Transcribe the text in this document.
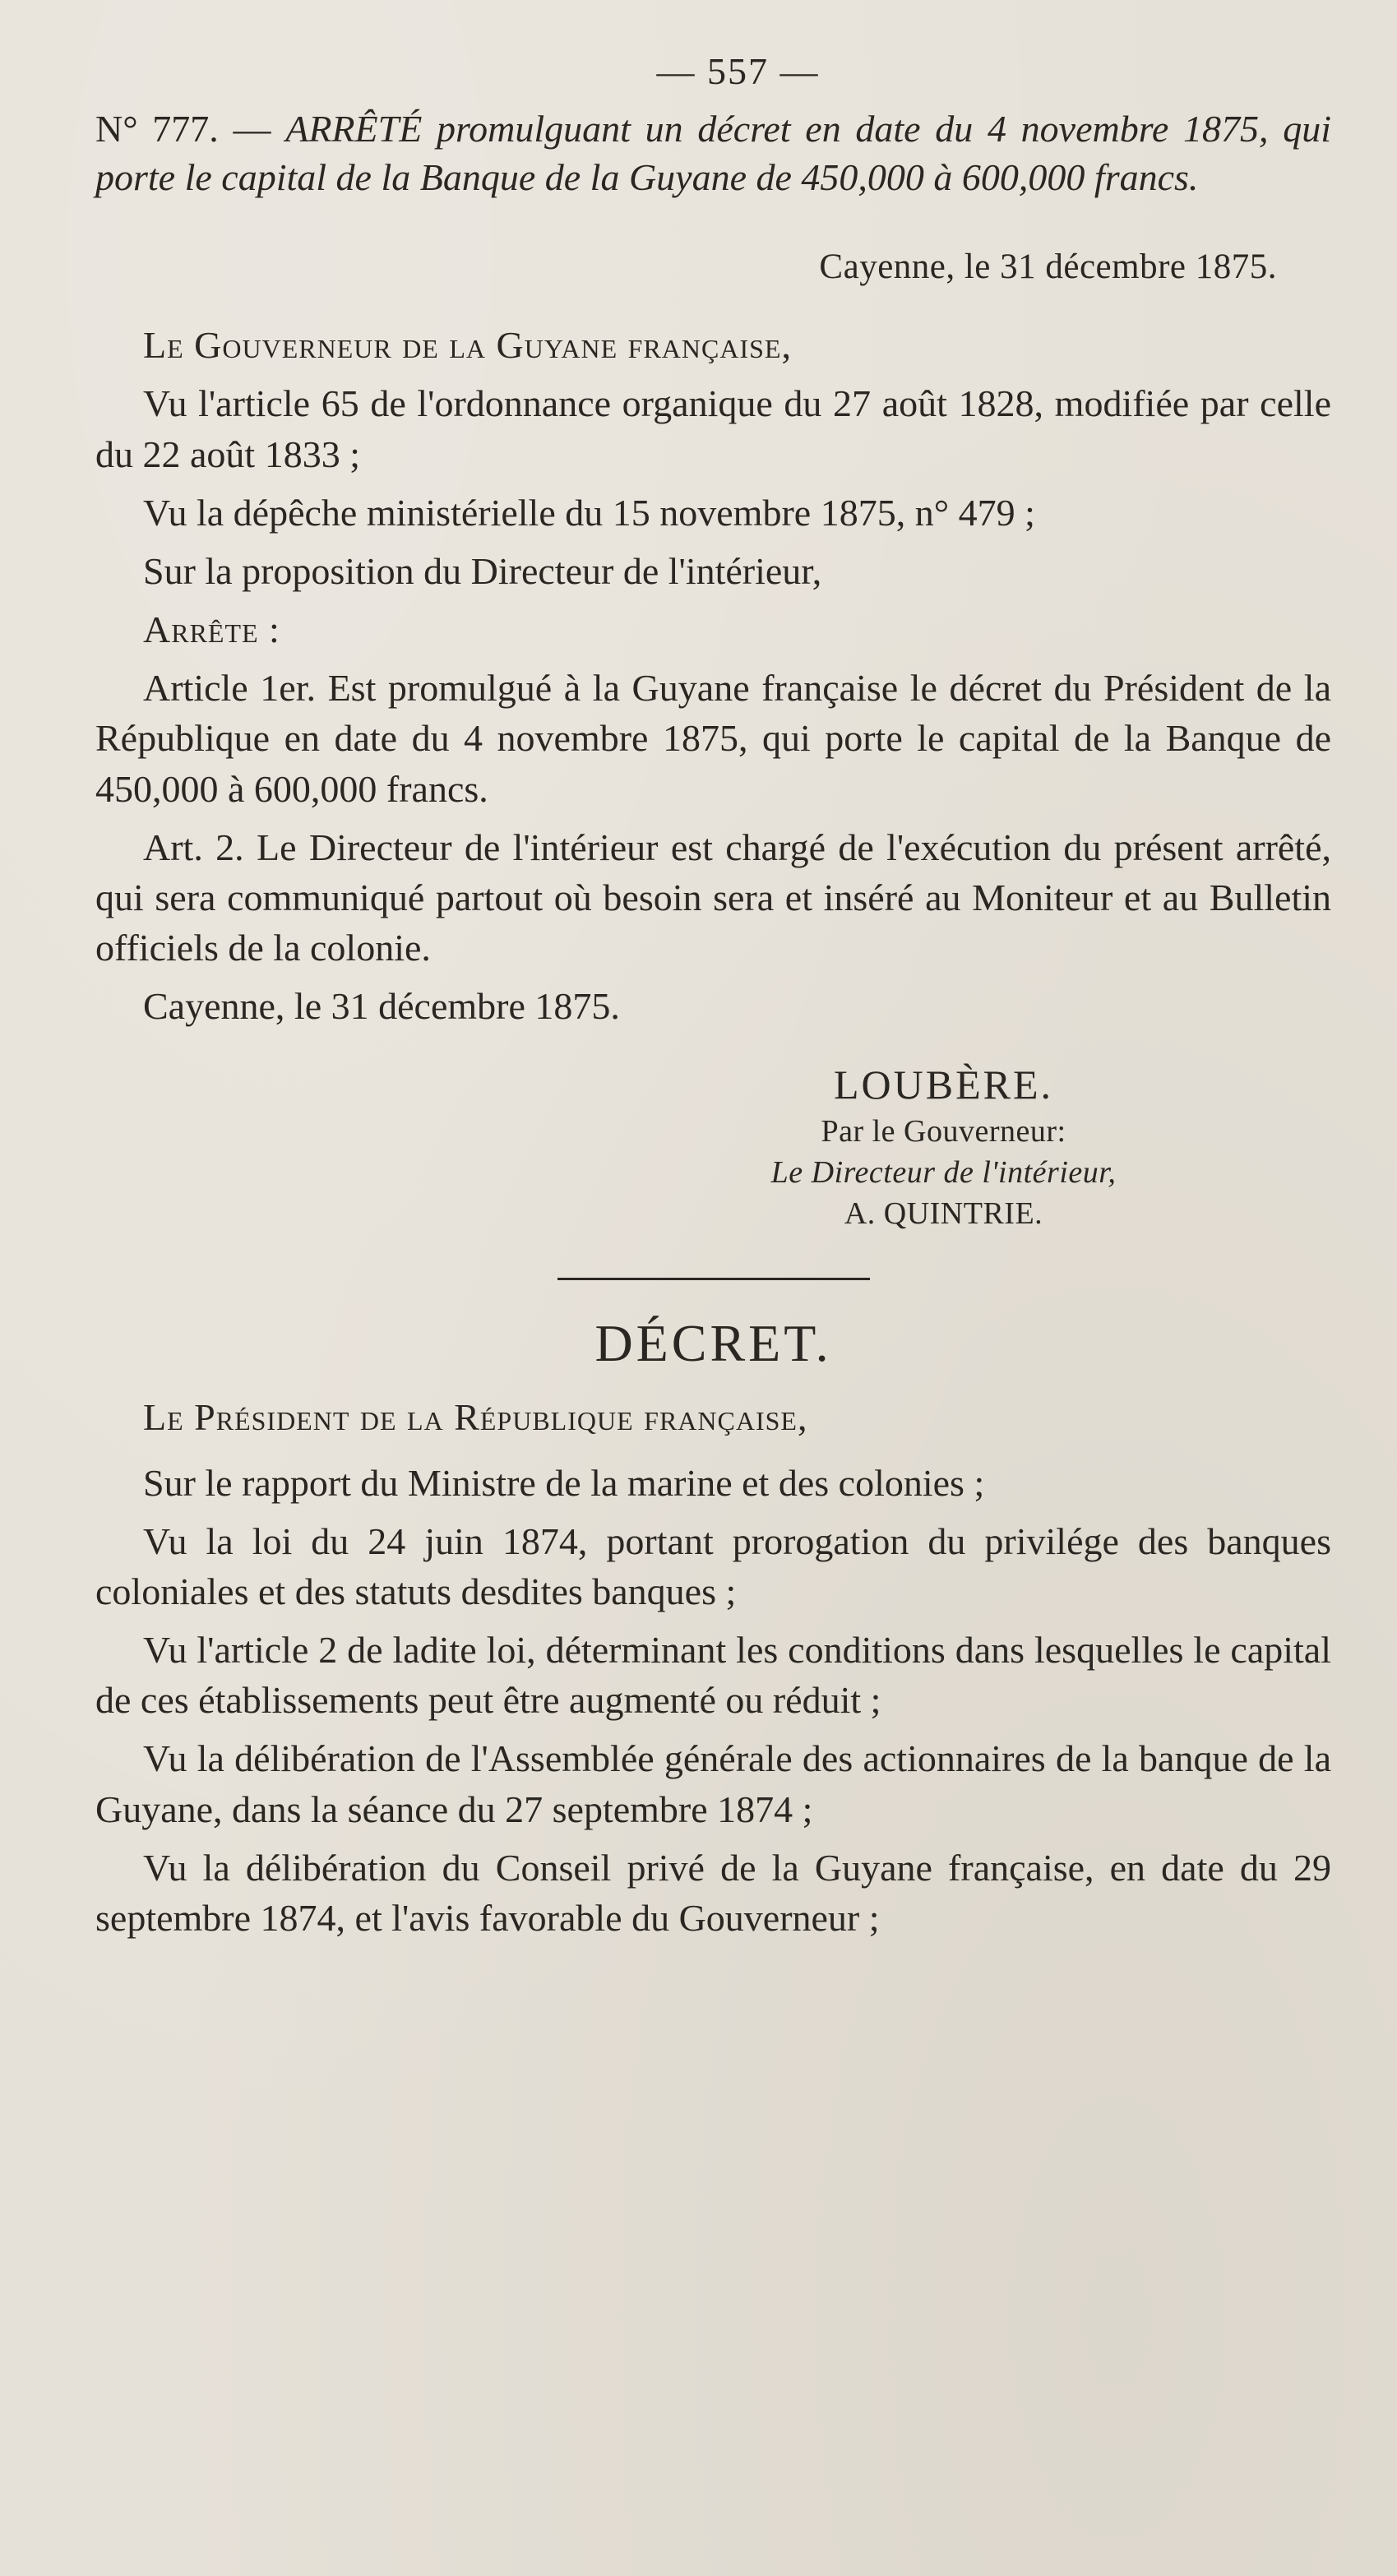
— 557 —

N° 777. — ARRÊTÉ promulguant un décret en date du 4 novembre 1875, qui porte le capital de la Banque de la Guyane de 450,000 à 600,000 francs.

Cayenne, le 31 décembre 1875.

Le Gouverneur de la Guyane française,

Vu l'article 65 de l'ordonnance organique du 27 août 1828, modifiée par celle du 22 août 1833 ;

Vu la dépêche ministérielle du 15 novembre 1875, n° 479 ;

Sur la proposition du Directeur de l'intérieur,

Arrête :

Article 1er. Est promulgué à la Guyane française le décret du Président de la République en date du 4 novembre 1875, qui porte le capital de la Banque de 450,000 à 600,000 francs.

Art. 2. Le Directeur de l'intérieur est chargé de l'exécution du présent arrêté, qui sera communiqué partout où besoin sera et inséré au Moniteur et au Bulletin officiels de la colonie.

Cayenne, le 31 décembre 1875.

LOUBÈRE.
Par le Gouverneur:
Le Directeur de l'intérieur,
A. QUINTRIE.
DÉCRET.

Le Président de la République française,

Sur le rapport du Ministre de la marine et des colonies ;

Vu la loi du 24 juin 1874, portant prorogation du privilége des banques coloniales et des statuts desdites banques ;

Vu l'article 2 de ladite loi, déterminant les conditions dans lesquelles le capital de ces établissements peut être augmenté ou réduit ;

Vu la délibération de l'Assemblée générale des actionnaires de la banque de la Guyane, dans la séance du 27 septembre 1874 ;

Vu la délibération du Conseil privé de la Guyane française, en date du 29 septembre 1874, et l'avis favorable du Gouverneur ;
